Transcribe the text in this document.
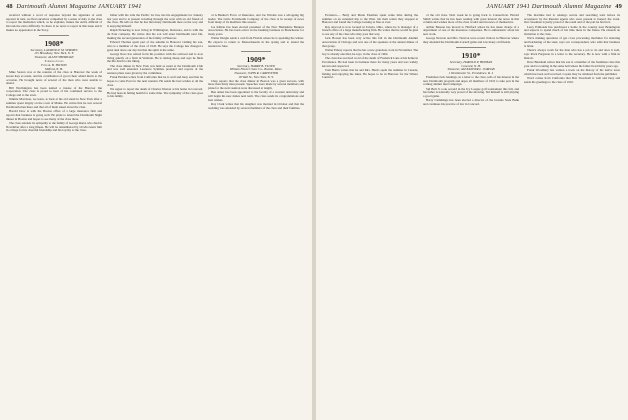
48 Dartmouth Alumni Magazine JANUARY 1941

received without a word of response beyond the signature of each reporter in turn, we find ourselves compelled by a sense of duty to the class to report the institution which, as he explains, makes the entire difficult of his task the extra difficulty. So there is no news to report in this issue and it makes no appearance in the Story.

1908*

Secretary, LAURENCE M. SYMMES

115 Broadway, New York, N. Y.

Treasurer, ALLEN SHERIDAN

Tabrolls Coats

Fund A. B. HOTON

Milford, N. H.

Mike Seaton was at the reunion of the class at Hanover the week of Green Key as usual, and his contribution of good cheer added much to the occasion. He brought news of several of the men who were unable to attend.

Bill Worthington has been named a trustee of the Hanover Inn corporation. The class is proud to hear of his continued service to the College and to the town.

Jimmie Morrison, we learn, is back at his old stand in New York after a summer spent largely on the coast of Maine. He writes that he saw several Dartmouth men there and that all of them asked about the class.

Harold Dow is with the Boston office of a large insurance firm and reports that business is going well. He plans to attend the Dartmouth Night dinner in Boston and hopes to see many of the class there.

The class extends its sympathy to the family of George Rand, who died in November after a long illness. He will be remembered by all who knew him in college for his cheerful friendship and his loyalty to the class.

father with his wife the Pacific for fun, has his engagements for January last year and is at present traveling through the west with an old friend of the class. He tells us that he has met many Dartmouth men on the way and is enjoying himself.

Ralph Pickering is now living in Wilmington, Delaware, and is with the du Pont company. He writes that his son will enter Dartmouth next fall, making the second generation of the family at Hanover.

Edward Thomas spent part of the autumn in Hanover visiting his son, who is a member of the class of 1943. He says the College has changed a great deal since our day but that the spirit is the same.

George Ross has retired from his position with the railroad and is now living quietly on a farm in Vermont. He is raising sheep and says he finds the life much to his liking.

The class dinner in New York was held as usual at the Dartmouth Club and was well attended. Laurence Symmes presided and reports of the reunion plans were given by the committee.

Frank Holden writes from California that he is well and busy and that he hopes to come East for the next reunion. He sends his best wishes to all the class.

We regret to report the death of Charles Weston at his home in Concord. He had been in failing health for some time. The sympathy of the class goes to his family.

of A Banker's Force of Insurance, and Joe Warden was a whopping big leader. The Little Portsmouth Company of the class is in receipt of news from many of its members this season.

Joe Kibbie has been elected president of the New Hampshire Bankers Association. He has been active in the banking business in Manchester for many years.

Walter Durgin sends a card from Florida where he is spending the winter. He expects to return to Massachusetts in the spring and to attend the reunion in June.

1909*

Secretary, HARRY B. FLOYD

William Filene's Sons Co., Boston, Mass.

Treasurer, JOHN R. CARPENTER

18 Wall St., New York, N. Y.

Chap reports that the class dinner in Boston was a great success, with more than thirty men present. Speeches were made by several members and plans for the next reunion were discussed at length.

Ben Ames has been appointed to the faculty of a western university and will begin his new duties next term. The class sends its congratulations and best wishes.

Roy Clark writes that his daughter was married in October and that the wedding was attended by several members of the class and their families.

JANUARY 1941 Dartmouth Alumni Magazine 49

Evanston..... Betty and Marie Eastman spent some time during the summer on an extended trip to the West. On their return they stopped at Hanover and found the College looking as fine as ever.

Ray Atwood is now located in Toledo, Ohio, where he is manager of a branch office of a large manufacturing firm. He writes that he would be glad to see any of the class who may pass that way.

Jack Bowen has been very active this fall in the Dartmouth Alumni Association of Chicago and was one of the speakers at the annual dinner of that group.

Walter Emery reports that he has a new grandson, born in November. The boy is already enrolled, he says, in the class of 1962.

The class has received word of the death of Frederick Lane at his home in Providence. He had been in business there for many years and was widely known and respected.

Tom Harris writes that he and Mrs. Harris spent the summer in Canada, fishing and enjoying the lakes. He hopes to be in Hanover for the Winter Carnival.

of the old class. Next week he is going back to Connecticut. Harold Smith writes that he has been reading with great interest the notes in this column and wishes more of the class would send in news of themselves.

Arthur Benson has moved to Hartford where he has taken charge of a department of one of the insurance companies. He is enthusiastic about his new work.

George Newton and Mrs. Newton were recent visitors in Hanover where they attended the Dartmouth-Cornell game and saw many old friends.

1910*

Secretary, HAROLD P. HINMAN

Concord, N. H.

Treasurer, ALEXANDER L. JORDAN

1 Westminster St., Providence, R. I.

Freshman Jack Jennings, in a letter to the class, tells of his interest in the new Dartmouth program and urges all members of 1910 to take part in the coming alumni fund campaign.

Sid Bull Jr. took second in the Ivy League golf tournament this fall, and his father is naturally very proud of the showing. Sid himself is still playing a good game.

Harry Cummings has been elected a director of the Granite State Bank and continues his practice of law in Concord.

The machine had to undergo severe and searching tests before its acceptance by the Russian agents who were present to inspect the work. Our classmate is justly proud of the result and of the part he had in it.

Larry Edmonds has purchased a home in the country near Bennington and expects to spend much of his time there in the future. He extends an invitation to the class.

We're making questions of gas cross processing machines for sintering and hardening of the steel, says our correspondent, who adds that business is brisk.

There's always room for the man who has a job to do and does it well, says Rock Ferguson in a letter to the secretary. He is now with a firm in Detroit.

Dave Burnham writes that his son is a member of the freshman class this year and is rooming in the same hall where his father lived thirty years ago.

Frank Woodbury has written a book on the history of his native town which has been well received. Copies may be obtained from the publisher.

Word comes from California that Bob Treadwell is well and busy and sends his greetings to the class of 1910.
